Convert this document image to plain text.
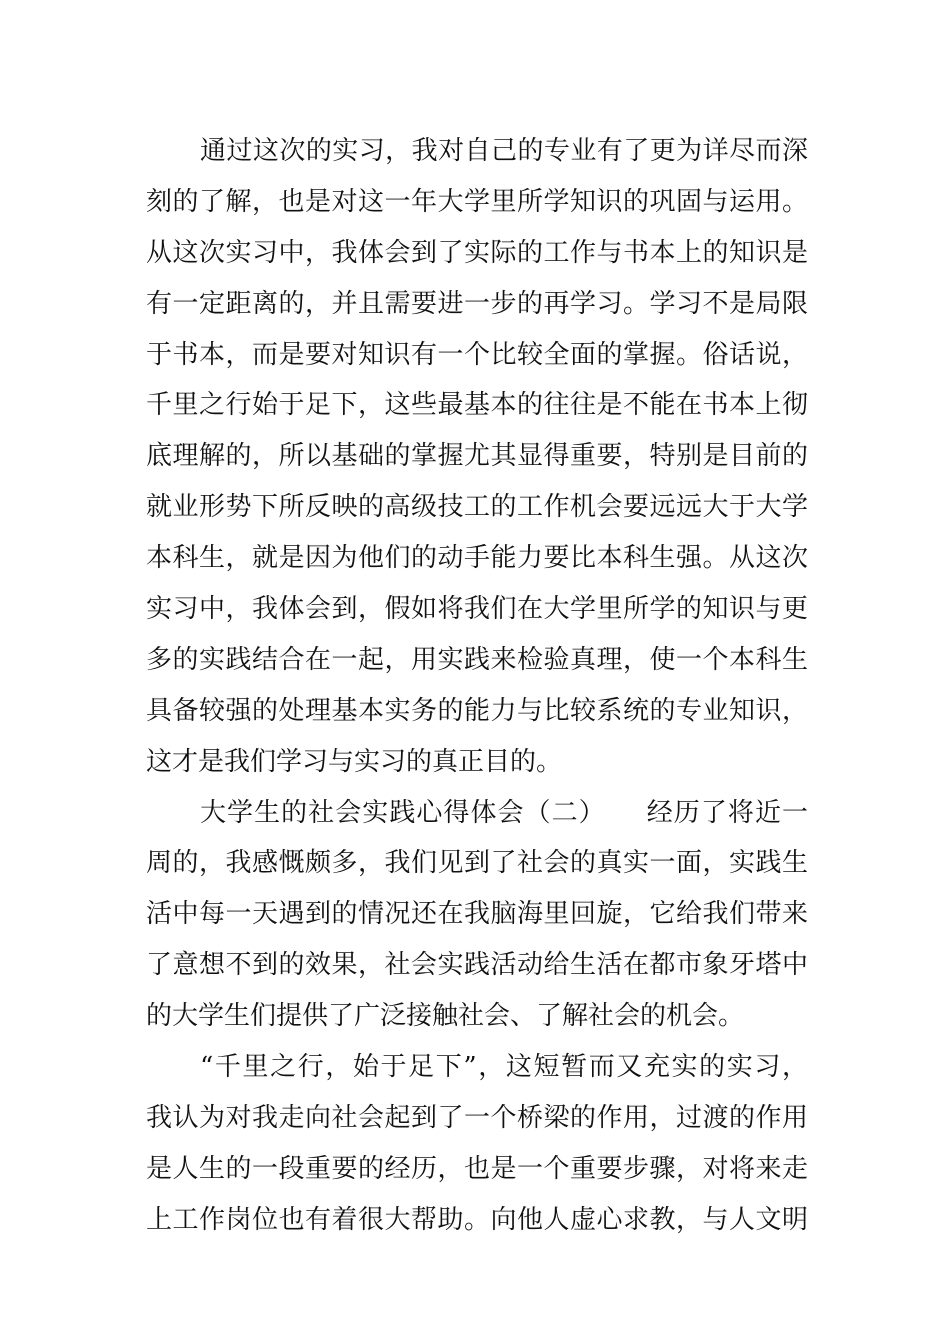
通过这次的实习，我对自己的专业有了更为详尽而深
刻的了解，也是对这一年大学里所学知识的巩固与运用。
从这次实习中，我体会到了实际的工作与书本上的知识是
有一定距离的，并且需要进一步的再学习。学习不是局限
于书本，而是要对知识有一个比较全面的掌握。俗话说，
千里之行始于足下，这些最基本的往往是不能在书本上彻
底理解的，所以基础的掌握尤其显得重要，特别是目前的
就业形势下所反映的高级技工的工作机会要远远大于大学
本科生，就是因为他们的动手能力要比本科生强。从这次
实习中，我体会到，假如将我们在大学里所学的知识与更
多的实践结合在一起，用实践来检验真理，使一个本科生
具备较强的处理基本实务的能力与比较系统的专业知识，
这才是我们学习与实习的真正目的。
大学生的社会实践心得体会（二）　　经历了将近一
周的，我感慨颇多，我们见到了社会的真实一面，实践生
活中每一天遇到的情况还在我脑海里回旋，它给我们带来
了意想不到的效果，社会实践活动给生活在都市象牙塔中
的大学生们提供了广泛接触社会、了解社会的机会。
“千里之行，始于足下”，这短暂而又充实的实习，
我认为对我走向社会起到了一个桥梁的作用，过渡的作用
是人生的一段重要的经历，也是一个重要步骤，对将来走
上工作岗位也有着很大帮助。向他人虚心求教，与人文明
